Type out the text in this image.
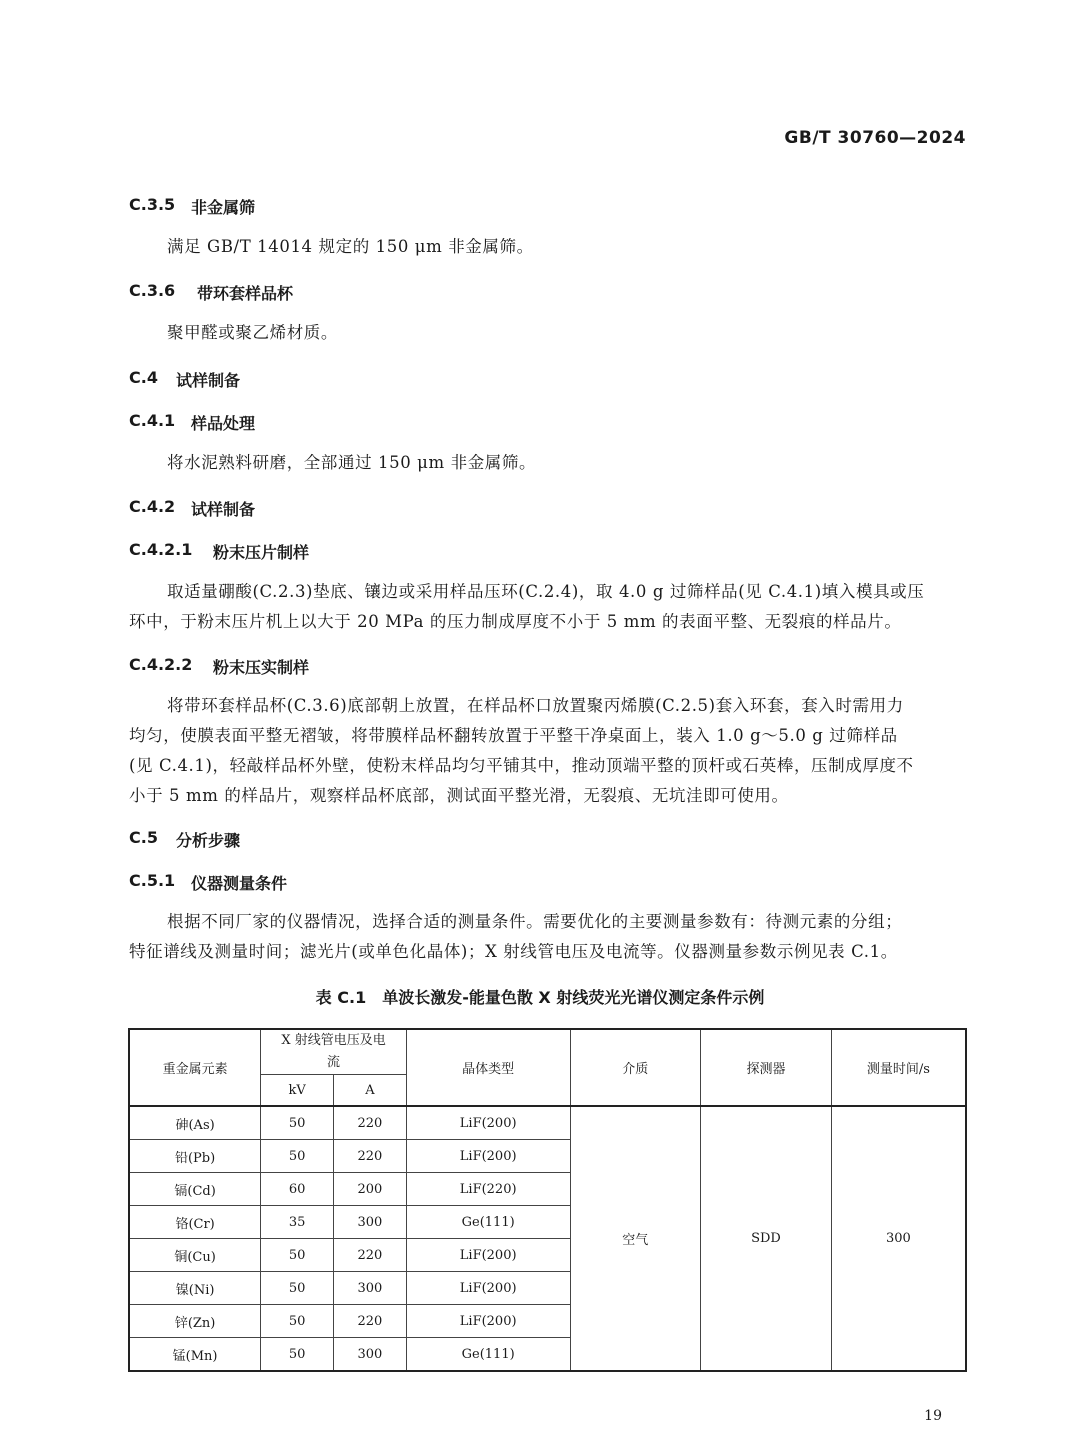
GB/T 30760—2024
C.3.5 非金属筛
满足 GB/T 14014 规定的 150 μm 非金属筛。
C.3.6 带环套样品杯
聚甲醛或聚乙烯材质。
C.4 试样制备
C.4.1 样品处理
将水泥熟料研磨，全部通过 150 μm 非金属筛。
C.4.2 试样制备
C.4.2.1 粉末压片制样
取适量硼酸(C.2.3)垫底、镶边或采用样品压环(C.2.4)，取 4.0 g 过筛样品(见 C.4.1)填入模具或压
环中，于粉末压片机上以大于 20 MPa 的压力制成厚度不小于 5 mm 的表面平整、无裂痕的样品片。
C.4.2.2 粉末压实制样
将带环套样品杯(C.3.6)底部朝上放置，在样品杯口放置聚丙烯膜(C.2.5)套入环套，套入时需用力
均匀，使膜表面平整无褶皱，将带膜样品杯翻转放置于平整干净桌面上，装入 1.0 g～5.0 g 过筛样品
(见 C.4.1)，轻敲样品杯外壁，使粉末样品均匀平铺其中，推动顶端平整的顶杆或石英棒，压制成厚度不
小于 5 mm 的样品片，观察样品杯底部，测试面平整光滑，无裂痕、无坑洼即可使用。
C.5 分析步骤
C.5.1 仪器测量条件
根据不同厂家的仪器情况，选择合适的测量条件。需要优化的主要测量参数有：待测元素的分组；
特征谱线及测量时间；滤光片(或单色化晶体)；X 射线管电压及电流等。仪器测量参数示例见表 C.1。
表 C.1　单波长激发-能量色散 X 射线荧光光谱仪测定条件示例
重金属元素	X 射线管电压及电流		晶体类型	介质	探测器	测量时间/s
	kV	A				
砷(As)	50	220	LiF(200)	空气	SDD	300
铅(Pb)	50	220	LiF(200)			
镉(Cd)	60	200	LiF(220)			
铬(Cr)	35	300	Ge(111)			
铜(Cu)	50	220	LiF(200)			
镍(Ni)	50	300	LiF(200)			
锌(Zn)	50	220	LiF(200)			
锰(Mn)	50	300	Ge(111)			
19
